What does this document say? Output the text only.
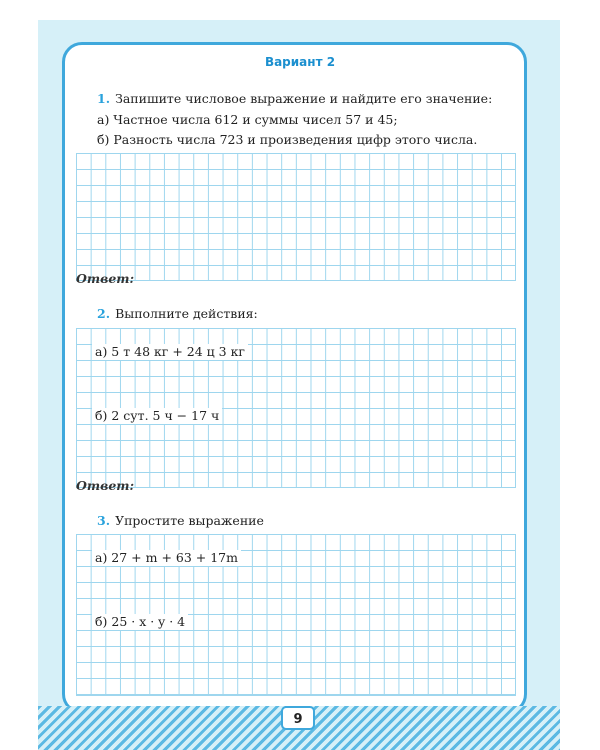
Вариант 2
1. Запишите числовое выражение и найдите его значение:
а) Частное числа 612 и суммы чисел 57 и 45;
б) Разность числа 723 и произведения цифр этого числа.
Ответ:
2. Выполните действия:
а) 5 т 48 кг + 24 ц 3 кг
б) 2 сут. 5 ч − 17 ч
Ответ:
3. Упростите выражение
а) 27 + m + 63 + 17m
б) 25 · x · y · 4
9
